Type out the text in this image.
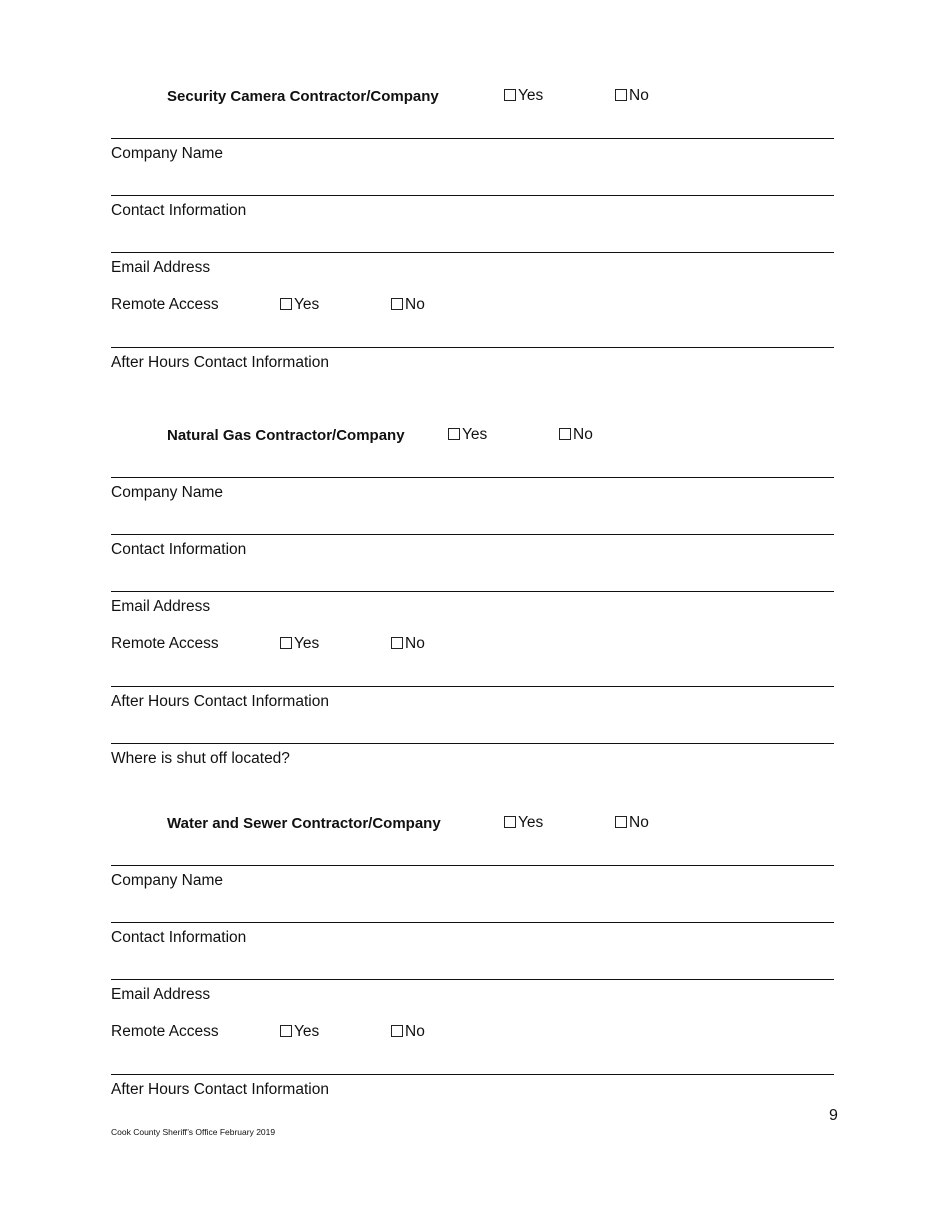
Security Camera Contractor/Company	Yes	No
Company Name
Contact Information
Email Address
Remote Access	Yes	No
After Hours Contact Information
Natural Gas Contractor/Company	Yes	No
Company Name
Contact Information
Email Address
Remote Access	Yes	No
After Hours Contact Information
Where is shut off located?
Water and Sewer Contractor/Company	Yes	No
Company Name
Contact Information
Email Address
Remote Access	Yes	No
After Hours Contact Information
9
Cook County Sheriff’s Office February 2019
